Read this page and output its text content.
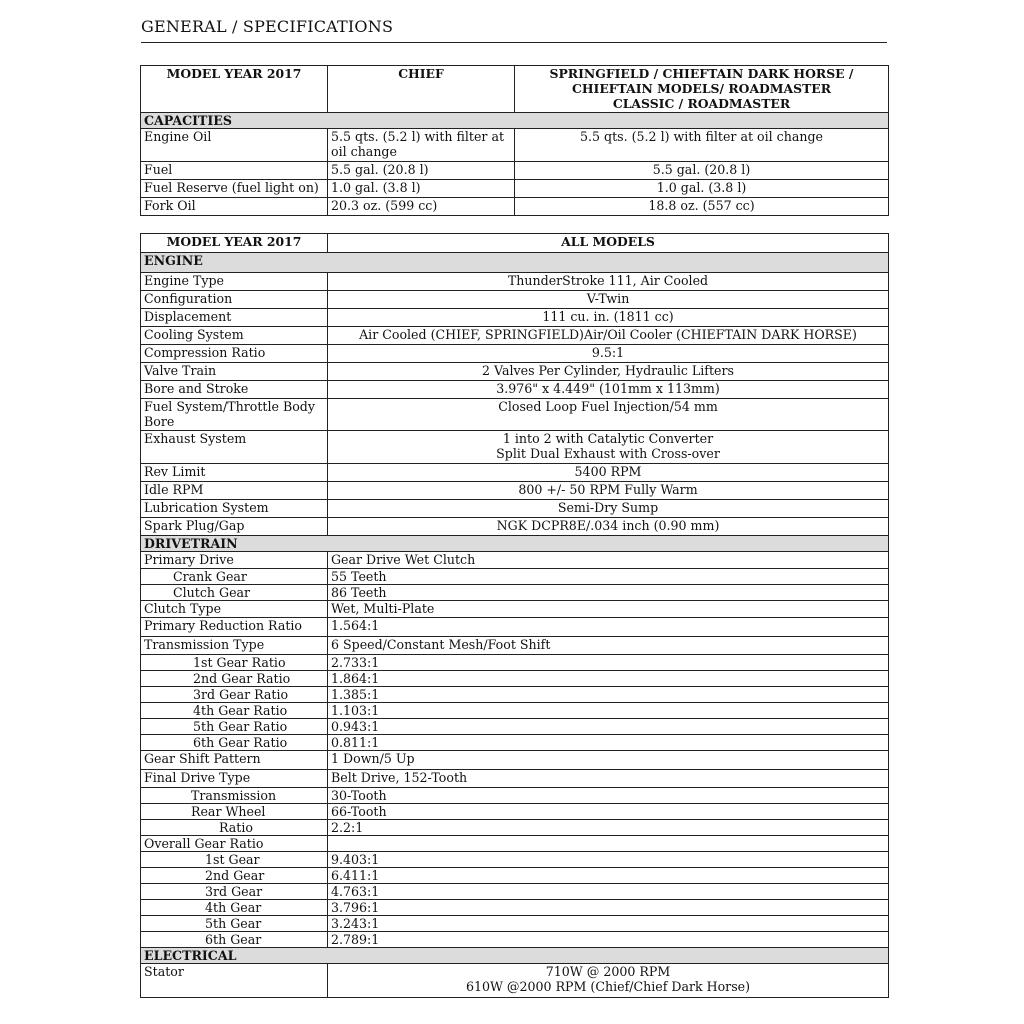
GENERAL / SPECIFICATIONS
MODEL YEAR 2017	CHIEF	SPRINGFIELD / CHIEFTAIN DARK HORSE / CHIEFTAIN MODELS/ ROADMASTER CLASSIC / ROADMASTER
CAPACITIES		
Engine Oil	5.5 qts. (5.2 l) with filter at oil change	5.5 qts. (5.2 l) with filter at oil change
Fuel	5.5 gal. (20.8 l)	5.5 gal. (20.8 l)
Fuel Reserve (fuel light on)	1.0 gal. (3.8 l)	1.0 gal. (3.8 l)
Fork Oil	20.3 oz. (599 cc)	18.8 oz. (557 cc)
MODEL YEAR 2017	ALL MODELS
ENGINE	
Engine Type	ThunderStroke 111, Air Cooled
Configuration	V-Twin
Displacement	111 cu. in. (1811 cc)
Cooling System	Air Cooled (CHIEF, SPRINGFIELD)Air/Oil Cooler (CHIEFTAIN DARK HORSE)
Compression Ratio	9.5:1
Valve Train	2 Valves Per Cylinder, Hydraulic Lifters
Bore and Stroke	3.976" x 4.449" (101mm x 113mm)
Fuel System/Throttle Body Bore	Closed Loop Fuel Injection/54 mm
Exhaust System	1 into 2 with Catalytic Converter
Split Dual Exhaust with Cross-over

Rev Limit	5400 RPM
Idle RPM	800 +/- 50 RPM Fully Warm
Lubrication System	Semi-Dry Sump
Spark Plug/Gap	NGK DCPR8E/.034 inch (0.90 mm)
DRIVETRAIN	
Primary Drive	Gear Drive Wet Clutch
Crank Gear	55 Teeth
Clutch Gear	86 Teeth
Clutch Type	Wet, Multi-Plate
Primary Reduction Ratio	1.564:1
Transmission Type	6 Speed/Constant Mesh/Foot Shift
1st Gear Ratio	2.733:1
2nd Gear Ratio	1.864:1
3rd Gear Ratio	1.385:1
4th Gear Ratio	1.103:1
5th Gear Ratio	0.943:1
6th Gear Ratio	0.811:1
Gear Shift Pattern	1 Down/5 Up
Final Drive Type	Belt Drive, 152-Tooth
Transmission	30-Tooth
Rear Wheel	66-Tooth
Ratio	2.2:1
Overall Gear Ratio	
1st Gear	9.403:1
2nd Gear	6.411:1
3rd Gear	4.763:1
4th Gear	3.796:1
5th Gear	3.243:1
6th Gear	2.789:1
ELECTRICAL	
Stator	710W @ 2000 RPM
610W @2000 RPM (Chief/Chief Dark Horse)
